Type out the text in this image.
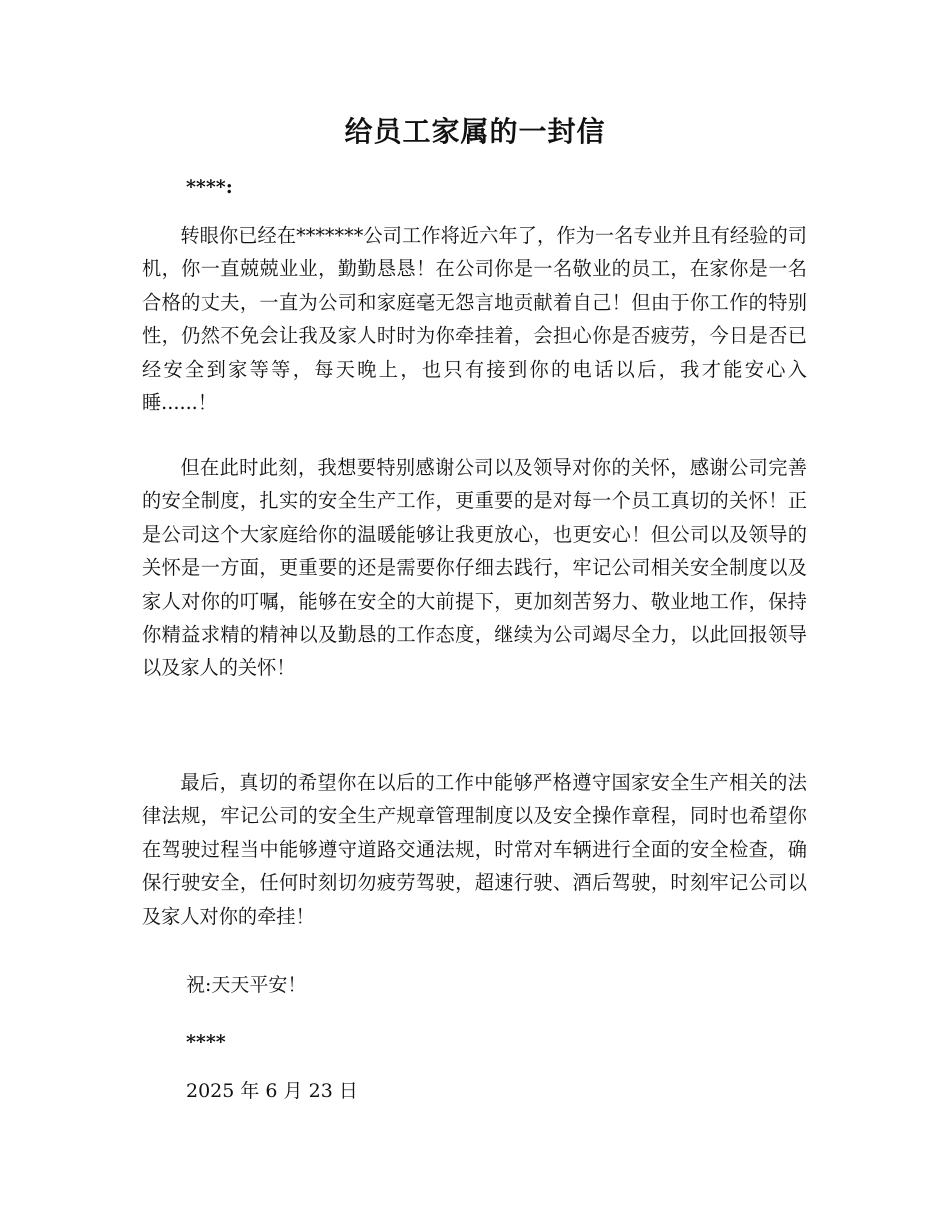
给员工家属的一封信
****:

转眼你已经在*******公司工作将近六年了，作为一名专业并且有经验的司机，你一直兢兢业业，勤勤恳恳！在公司你是一名敬业的员工，在家你是一名合格的丈夫，一直为公司和家庭毫无怨言地贡献着自己！但由于你工作的特别性，仍然不免会让我及家人时时为你牵挂着，会担心你是否疲劳，今日是否已经安全到家等等，每天晚上，也只有接到你的电话以后，我才能安心入睡......！

但在此时此刻，我想要特别感谢公司以及领导对你的关怀，感谢公司完善的安全制度，扎实的安全生产工作，更重要的是对每一个员工真切的关怀！正是公司这个大家庭给你的温暖能够让我更放心，也更安心！但公司以及领导的关怀是一方面，更重要的还是需要你仔细去践行，牢记公司相关安全制度以及家人对你的叮嘱，能够在安全的大前提下，更加刻苦努力、敬业地工作，保持你精益求精的精神以及勤恳的工作态度，继续为公司竭尽全力，以此回报领导以及家人的关怀！

最后，真切的希望你在以后的工作中能够严格遵守国家安全生产相关的法律法规，牢记公司的安全生产规章管理制度以及安全操作章程，同时也希望你在驾驶过程当中能够遵守道路交通法规，时常对车辆进行全面的安全检查，确保行驶安全，任何时刻切勿疲劳驾驶，超速行驶、酒后驾驶，时刻牢记公司以及家人对你的牵挂！

祝:天天平安！
****
2025 年 6 月 23 日
